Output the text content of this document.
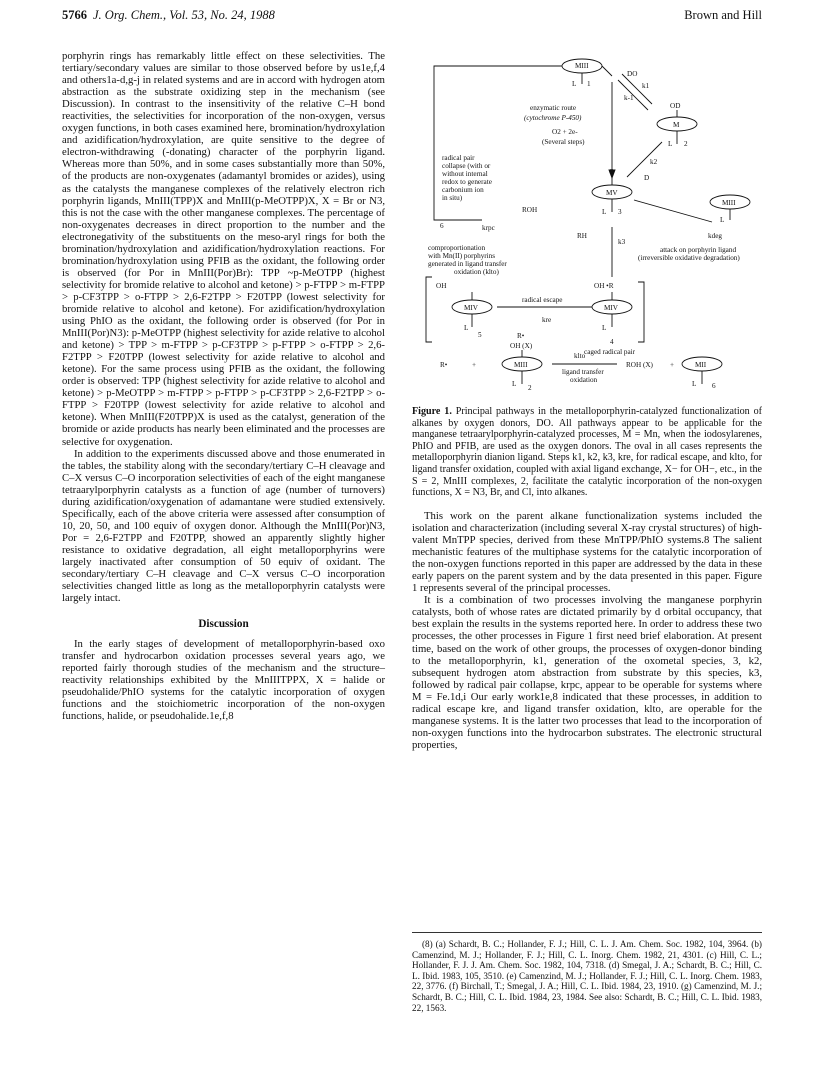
5766 J. Org. Chem., Vol. 53, No. 24, 1988	Brown and Hill

porphyrin rings has remarkably little effect on these selectivities. The tertiary/secondary values are similar to those observed before by us1e,f,4 and others1a-d,g-j in related systems and are in accord with hydrogen atom abstraction as the substrate oxidizing step in the mechanism (see Discussion). In contrast to the insensitivity of the relative C–H bond reactivities, the selectivities for incorporation of the non-oxygen, versus oxygen functions, in both cases examined here, bromination/hydroxylation and azidification/hydroxylation, are quite sensitive to the degree of electron-withdrawing (-donating) character of the porphyrin ligand. Whereas more than 50%, and in some cases substantially more than 50%, of the products are non-oxygenates (adamantyl bromides or azides), using as the catalysts the manganese complexes of the relatively electron rich porphyrin ligands, MnIII(TPP)X and MnIII(p-MeOTPP)X, X = Br or N3, this is not the case with the other manganese complexes. The percentage of non-oxygenates decreases in direct proportion to the number and the electronegativity of the substituents on the meso-aryl rings for both the bromination/hydroxylation and azidification/hydroxylation reactions. For bromination/hydroxylation using PFIB as the oxidant, the following order is observed (for Por in MnIII(Por)Br): TPP ~p-MeOTPP (highest selectivity for bromide relative to alcohol and ketone) > p-FTPP > m-FTPP > p-CF3TPP > o-FTPP > 2,6-F2TPP > F20TPP (lowest selectivity for bromide relative to alcohol and ketone). For azidification/hydroxylation using PhIO as the oxidant, the following order is observed (for Por in MnIII(Por)N3): p-MeOTPP (highest selectivity for azide relative to alcohol and ketone) > TPP > m-FTPP > p-CF3TPP > p-FTPP > o-FTPP > 2,6-F2TPP > F20TPP (lowest selectivity for azide relative to alcohol and ketone). For the same process using PFIB as the oxidant, the following order is observed: TPP (highest selectivity for azide relative to alcohol and ketone) > p-MeOTPP > m-FTPP > p-FTPP > p-CF3TPP > 2,6-F2TPP > o-FTPP > F20TPP (lowest selectivity for azide relative to alcohol and ketone). When MnIII(F20TPP)X is used as the catalyst, generation of the bromide or azide products has nearly been eliminated and the processes are selective for oxygenation.

In addition to the experiments discussed above and those enumerated in the tables, the stability along with the secondary/tertiary C–H cleavage and C–X versus C–O incorporation selectivities of each of the eight manganese tetraarylporphyrin catalysts as a function of age (number of turnovers) during azidification/oxygenation of adamantane were studied extensively. Specifically, each of the above criteria were assessed after consumption of 10, 20, 50, and 100 equiv of oxygen donor. Although the MnIII(Por)N3, Por = 2,6-F2TPP and F20TPP, showed an apparently slightly higher resistance to oxidative degradation, all eight metalloporphyrins were largely inactivated after consumption of 50 equiv of oxidant. The secondary/tertiary C–H cleavage and C–X versus C–O incorporation selectivities changed little as long as the metalloporphyrin catalysts were largely intact.

Discussion

In the early stages of development of metalloporphyrin-based oxo transfer and hydrocarbon oxidation processes several years ago, we reported fairly thorough studies of the mechanism and the structure–reactivity relationships exhibited by the MnIIITPPX, X = halide or pseudohalide/PhIO systems for the catalytic incorporation of oxygen functions and the stoichiometric incorporation of the non-oxygen functions, halide, or pseudohalide.1e,f,8

MIII
L 1
DO
k1
k-1
OD
M
L 2
enzymatic route
(cytochrome P-450)
O2 + 2e-
(Several steps)
radical pair
collapse (with or
without internal
redox to generate
carbonium ion
in situ)
k2
D
O
MV
L 3
ROH
krpc
RH
k3
MIII
L
kdeg
6
attack on porphyrin ligand
(irreversible oxidative degradation)
comproportionation
with Mn(II) porphyrins
generated in ligand transfer
oxidation (klto)
OH
MIV
L
5
radical escape
kre
R•
OH •R
MIV
L
4
caged radical pair
R•	+
OH (X)
MIII
L 2
klto
ligand transfer
oxidation
ROH (X) +	MII
L 6
Figure 1. Principal pathways in the metalloporphyrin-catalyzed functionalization of alkanes by oxygen donors, DO. All pathways appear to be applicable for the manganese tetraarylporphyrin-catalyzed processes, M = Mn, when the iodosylarenes, PhIO and PFIB, are used as the oxygen donors. The oval in all cases represents the metalloporphyrin dianion ligand. Steps k1, k2, k3, kre, for radical escape, and klto, for ligand transfer oxidation, coupled with axial ligand exchange, X− for OH−, etc., in the S = 2, MnIII complexes, 2, facilitate the catalytic incorporation of the non-oxygen functions, X = N3, Br, and Cl, into alkanes.

This work on the parent alkane functionalization systems included the isolation and characterization (including several X-ray crystal structures) of high-valent MnTPP species, derived from these MnTPP/PhIO systems.8 The salient mechanistic features of the multiphase systems for the catalytic incorporation of the non-oxygen functions reported in this paper are addressed by the data in these early papers on the parent system and by the data presented in this paper. Figure 1 represents several of the principal processes.

It is a combination of two processes involving the manganese porphyrin catalysts, both of whose rates are dictated primarily by d orbital occupancy, that best explain the results in the systems reported here. In order to address these two processes, the other processes in Figure 1 first need brief elaboration. At present time, based on the work of other groups, the processes of oxygen-donor binding to the metalloporphyrin, k1, generation of the oxometal species, 3, k2, subsequent hydrogen atom abstraction from substrate by this species, k3, followed by radical pair collapse, krpc, appear to be operable for systems where M = Fe.1d,i Our early work1e,8 indicated that these processes, in addition to radical escape kre, and ligand transfer oxidation, klto, are operable for the manganese systems. It is the latter two processes that lead to the incorporation of non-oxygen functions into the hydrocarbon substrates. The electronic structural properties,

(8) (a) Schardt, B. C.; Hollander, F. J.; Hill, C. L. J. Am. Chem. Soc. 1982, 104, 3964. (b) Camenzind, M. J.; Hollander, F. J.; Hill, C. L. Inorg. Chem. 1982, 21, 4301. (c) Hill, C. L.; Hollander, F. J. J. Am. Chem. Soc. 1982, 104, 7318. (d) Smegal, J. A.; Schardt, B. C.; Hill, C. L. Ibid. 1983, 105, 3510. (e) Camenzind, M. J.; Hollander, F. J.; Hill, C. L. Inorg. Chem. 1983, 22, 3776. (f) Birchall, T.; Smegal, J. A.; Hill, C. L. Ibid. 1984, 23, 1910. (g) Camenzind, M. J.; Schardt, B. C.; Hill, C. L. Ibid. 1984, 23, 1984. See also: Schardt, B. C.; Hill, C. L. Ibid. 1983, 22, 1563.
